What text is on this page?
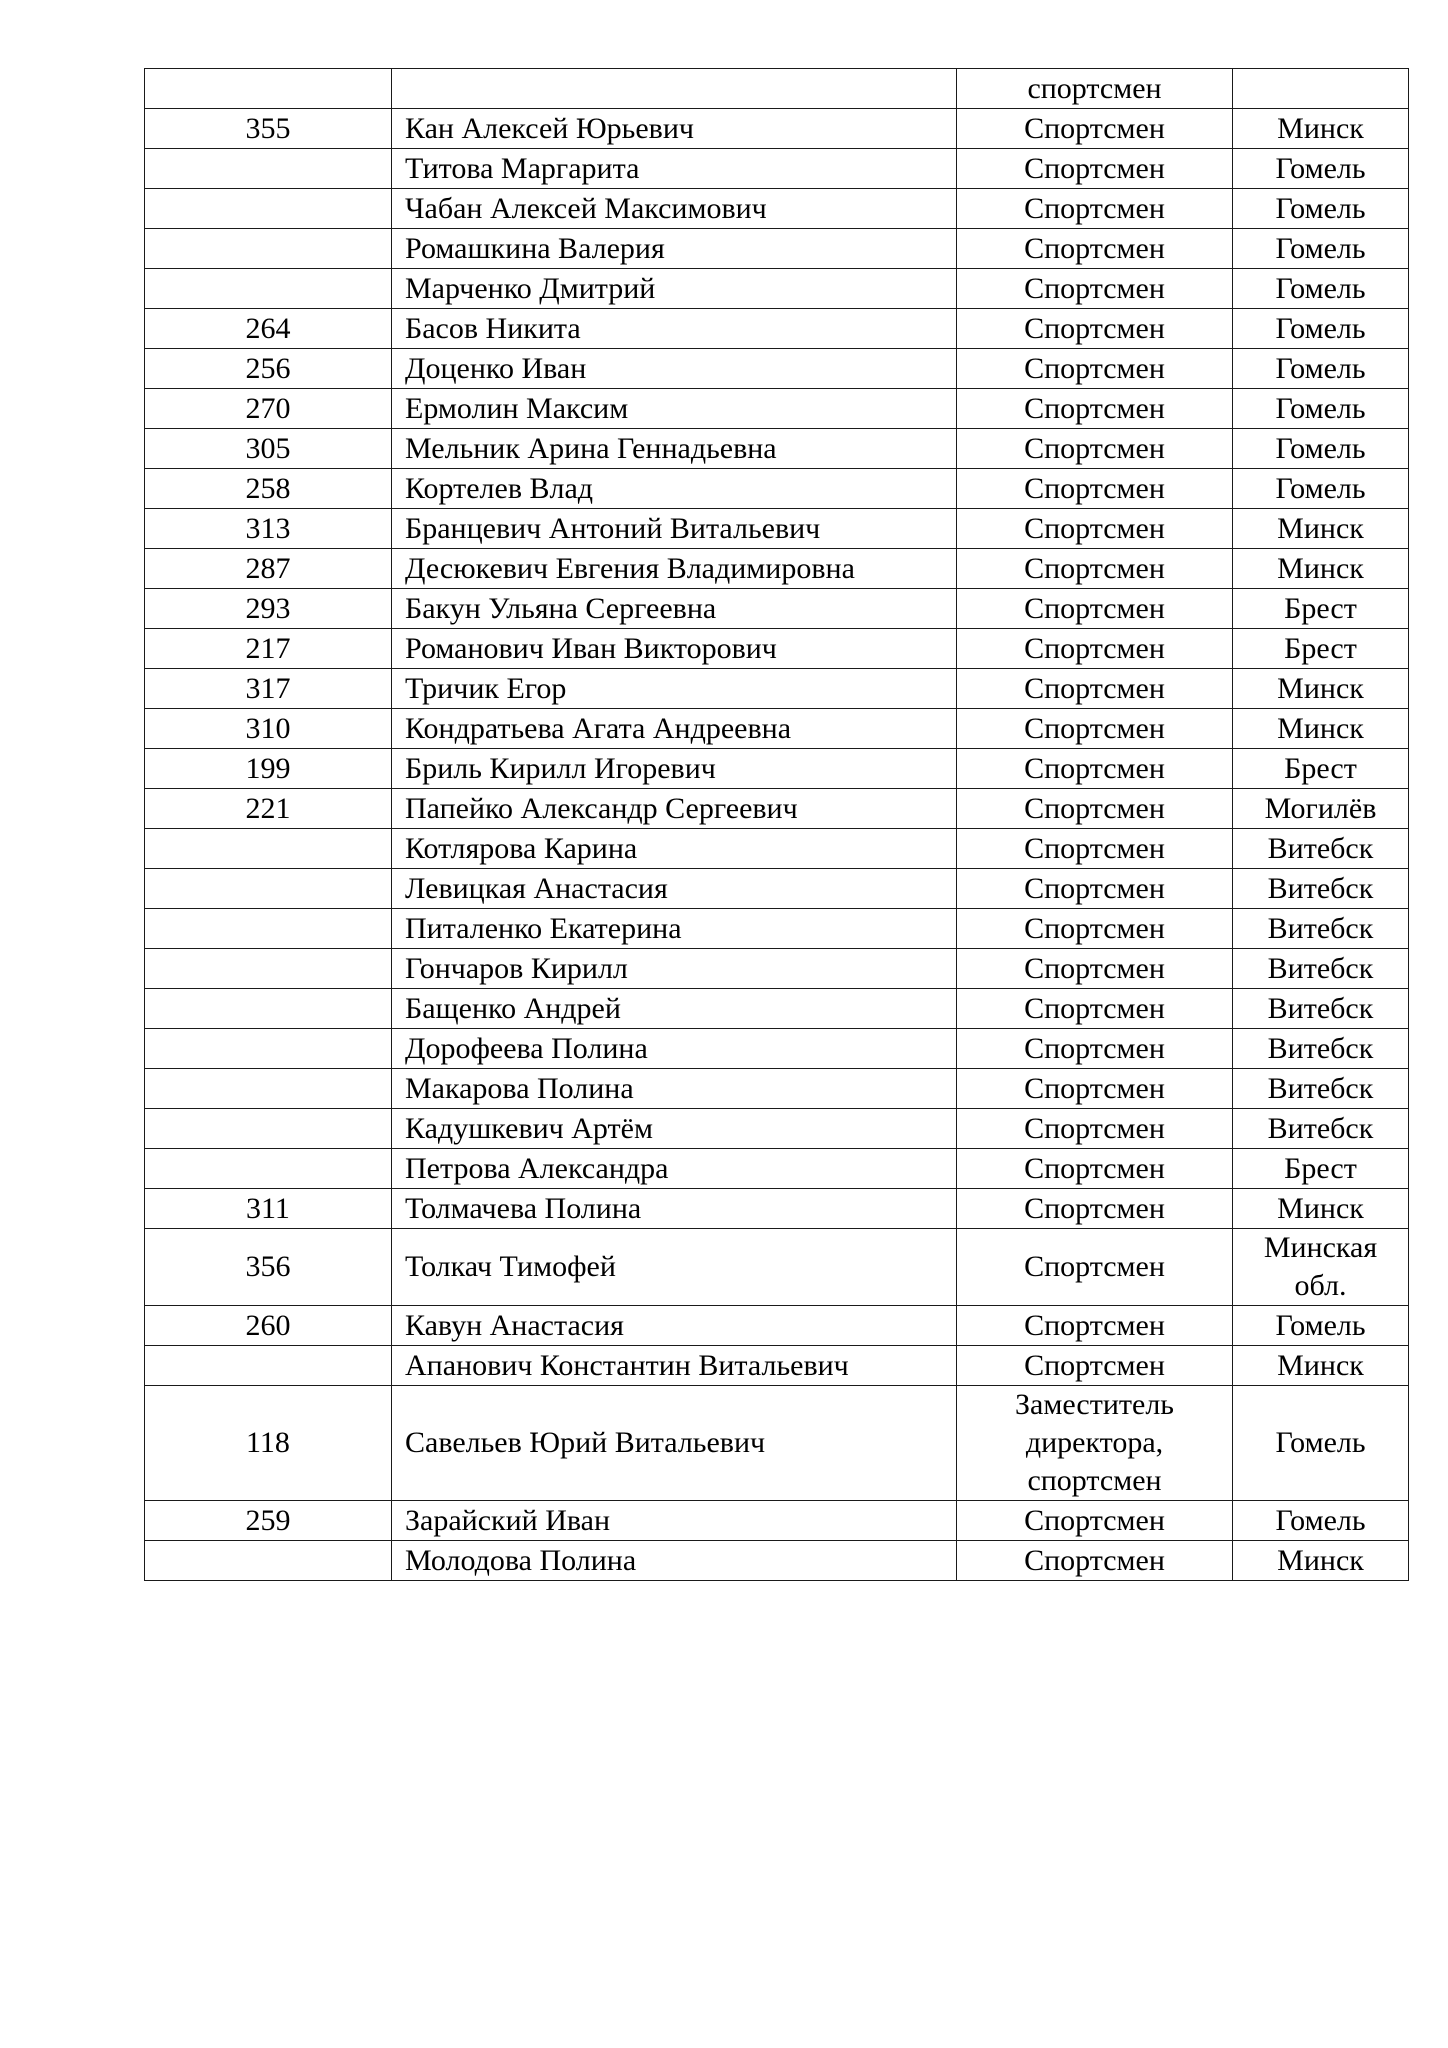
		спортсмен	

355	Кан Алексей Юрьевич	Спортсмен	Минск

	Титова Маргарита	Спортсмен	Гомель

	Чабан Алексей Максимович	Спортсмен	Гомель

	Ромашкина Валерия	Спортсмен	Гомель

	Марченко Дмитрий	Спортсмен	Гомель

264	Басов Никита	Спортсмен	Гомель

256	Доценко Иван	Спортсмен	Гомель

270	Ермолин Максим	Спортсмен	Гомель

305	Мельник Арина Геннадьевна	Спортсмен	Гомель

258	Кортелев Влад	Спортсмен	Гомель

313	Бранцевич Антоний Витальевич	Спортсмен	Минск

287	Десюкевич Евгения Владимировна	Спортсмен	Минск

293	Бакун Ульяна Сергеевна	Спортсмен	Брест

217	Романович Иван Викторович	Спортсмен	Брест

317	Тричик Егор	Спортсмен	Минск

310	Кондратьева Агата Андреевна	Спортсмен	Минск

199	Бриль Кирилл Игоревич	Спортсмен	Брест

221	Папейко Александр Сергеевич	Спортсмен	Могилёв

	Котлярова Карина	Спортсмен	Витебск

	Левицкая Анастасия	Спортсмен	Витебск

	Питаленко Екатерина	Спортсмен	Витебск

	Гончаров Кирилл	Спортсмен	Витебск

	Бащенко Андрей	Спортсмен	Витебск

	Дорофеева Полина	Спортсмен	Витебск

	Макарова Полина	Спортсмен	Витебск

	Кадушкевич Артём	Спортсмен	Витебск

	Петрова Александра	Спортсмен	Брест

311	Толмачева Полина	Спортсмен	Минск

356	Толкач Тимофей	Спортсмен	Минская
обл.

260	Кавун Анастасия	Спортсмен	Гомель

	Апанович Константин Витальевич	Спортсмен	Минск

118	Савельев Юрий Витальевич	Заместитель
директора,
спортсмен	Гомель

259	Зарайский Иван	Спортсмен	Гомель

	Молодова Полина	Спортсмен	Минск
